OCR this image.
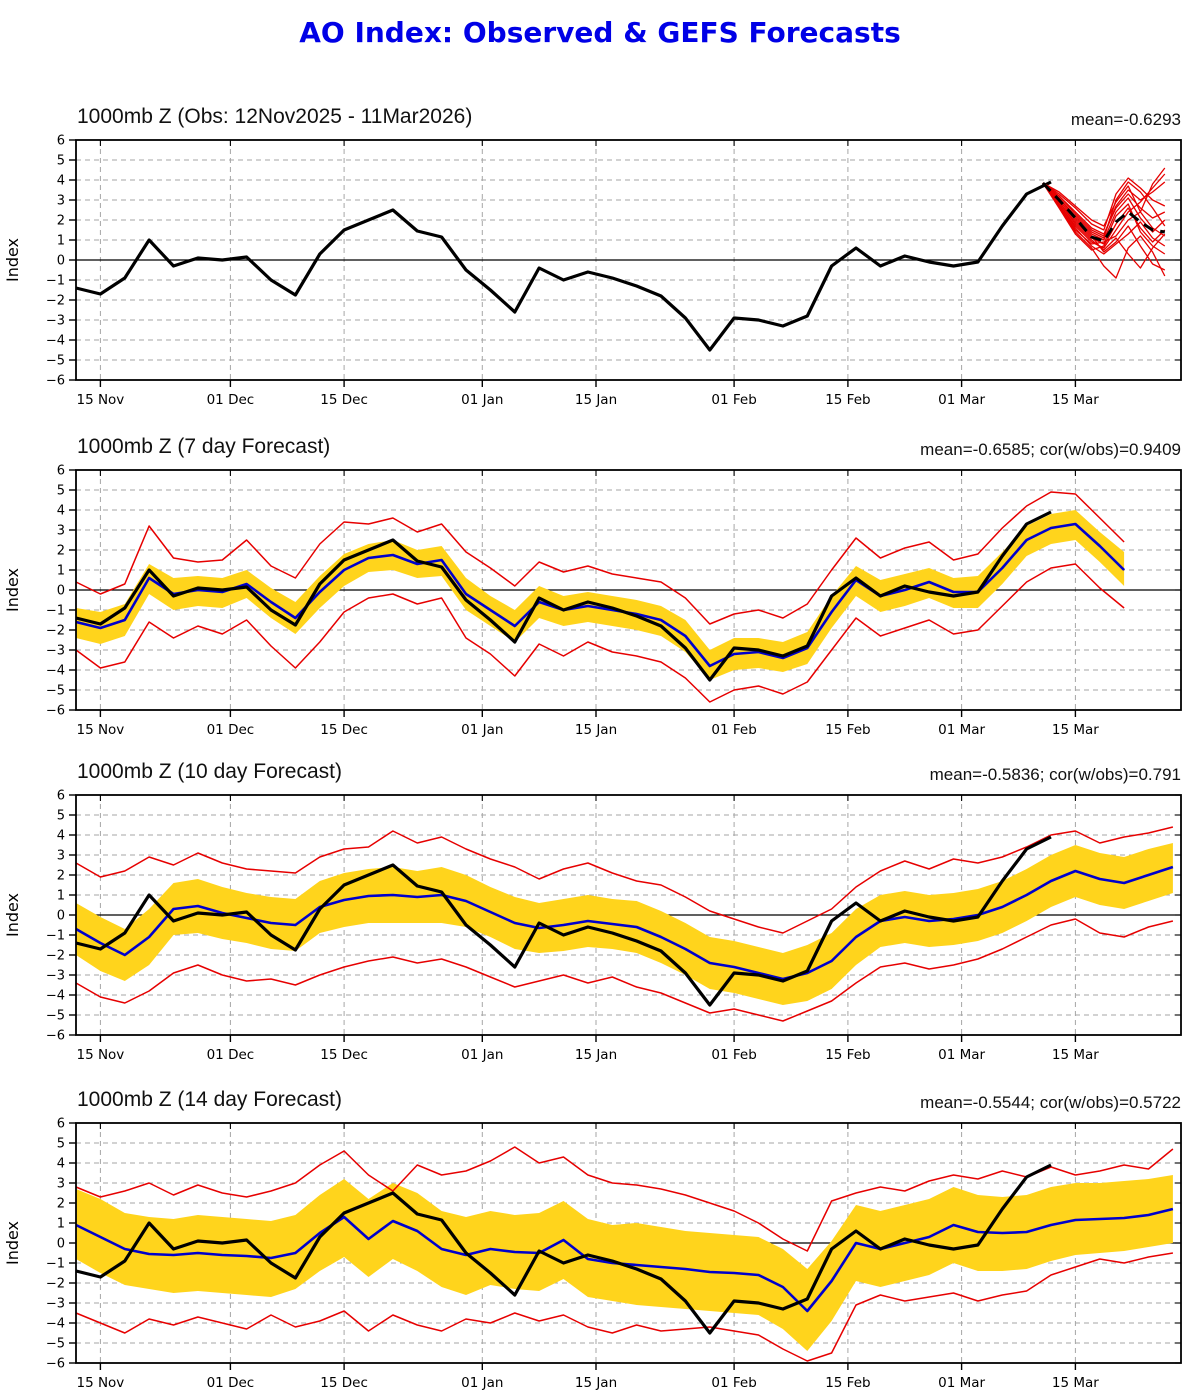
AO Index: Observed & GEFS Forecasts
1000mb Z (Obs: 12Nov2025 - 11Mar2026)	mean=-0.6293
−6
−5
−4
−3
−2
−1
0
1
2
3
4
5
6
15 Nov	01 Dec	15 Dec	01 Jan	15 Jan	01 Feb	15 Feb	01 Mar	15 Mar
Index
1000mb Z (7 day Forecast)	mean=-0.6585; cor(w/obs)=0.9409
−6
−5
−4
−3
−2
−1
0
1
2
3
4
5
6
15 Nov	01 Dec	15 Dec	01 Jan	15 Jan	01 Feb	15 Feb	01 Mar	15 Mar
Index
1000mb Z (10 day Forecast)	mean=-0.5836; cor(w/obs)=0.791
−6
−5
−4
−3
−2
−1
0
1
2
3
4
5
6
15 Nov	01 Dec	15 Dec	01 Jan	15 Jan	01 Feb	15 Feb	01 Mar	15 Mar
Index
1000mb Z (14 day Forecast)	mean=-0.5544; cor(w/obs)=0.5722
−6
−5
−4
−3
−2
−1
0
1
2
3
4
5
6
15 Nov	01 Dec	15 Dec	01 Jan	15 Jan	01 Feb	15 Feb	01 Mar	15 Mar
Index
